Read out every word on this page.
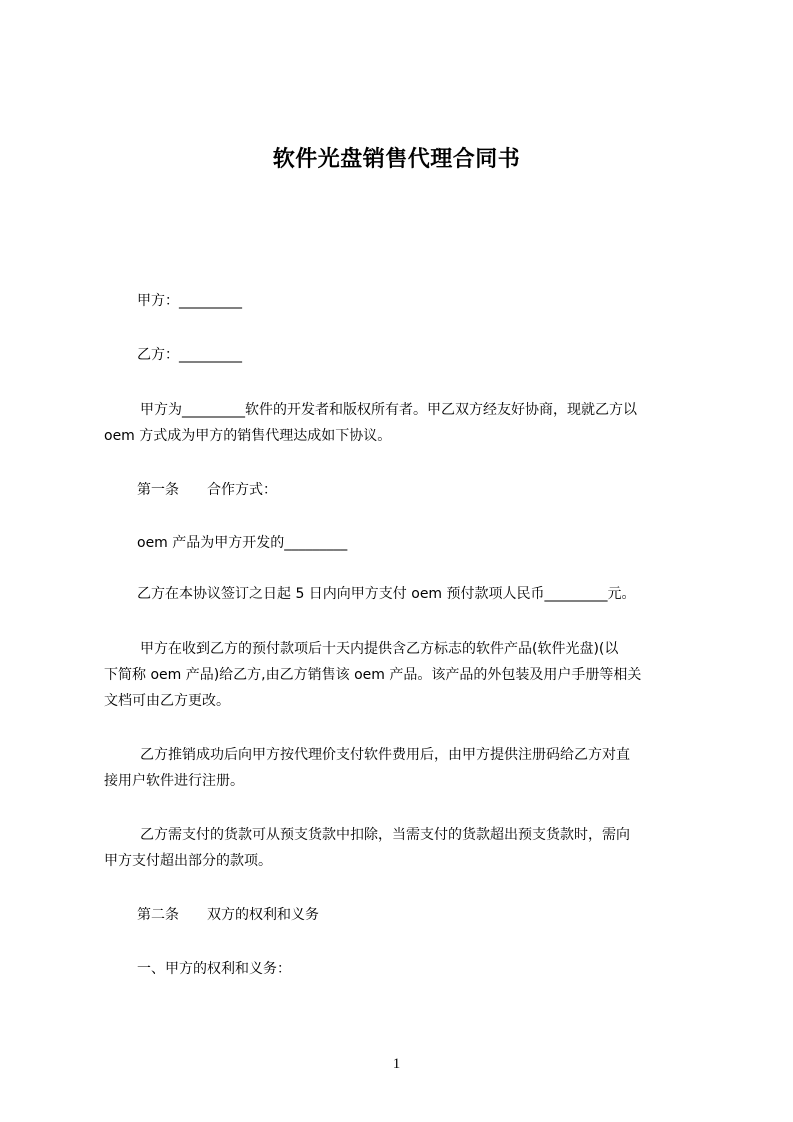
软件光盘销售代理合同书
甲方：_________
乙方：_________
甲方为_________软件的开发者和版权所有者。甲乙双方经友好协商，现就乙方以
oem 方式成为甲方的销售代理达成如下协议。
第一条 合作方式：
oem 产品为甲方开发的_________
乙方在本协议签订之日起 5 日内向甲方支付 oem 预付款项人民币_________元。
甲方在收到乙方的预付款项后十天内提供含乙方标志的软件产品(软件光盘)(以
下简称 oem 产品)给乙方,由乙方销售该 oem 产品。该产品的外包装及用户手册等相关
文档可由乙方更改。
乙方推销成功后向甲方按代理价支付软件费用后，由甲方提供注册码给乙方对直
接用户软件进行注册。
乙方需支付的货款可从预支货款中扣除，当需支付的货款超出预支货款时，需向
甲方支付超出部分的款项。
第二条 双方的权利和义务
一、甲方的权利和义务：
1
